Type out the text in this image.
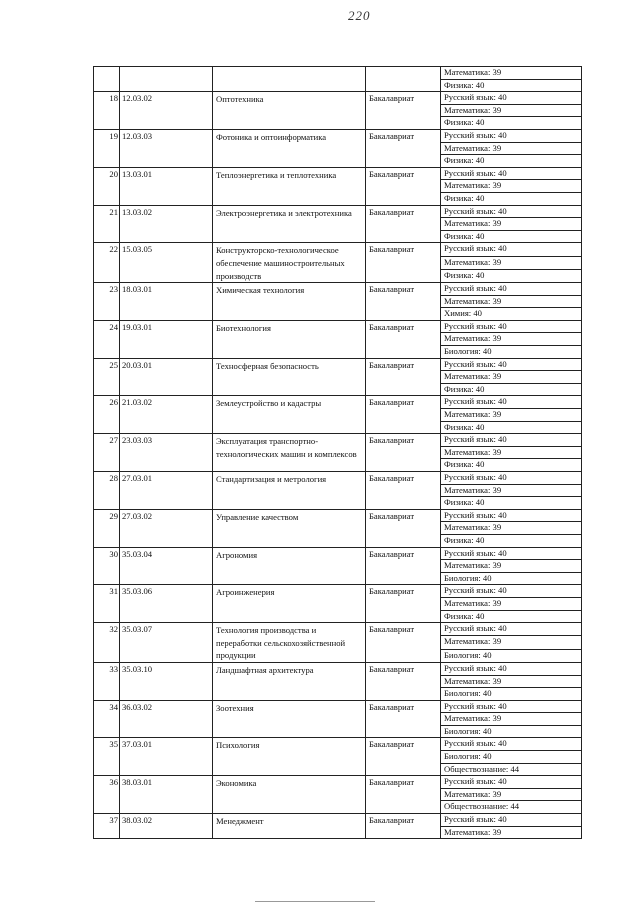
220
				Математика: 39
				Физика: 40
18	12.03.02	Оптотехника	Бакалавриат	Русский язык: 40
				Математика: 39
				Физика: 40
19	12.03.03	Фотоника и оптоинформатика	Бакалавриат	Русский язык: 40
				Математика: 39
				Физика: 40
20	13.03.01	Теплоэнергетика и теплотехника	Бакалавриат	Русский язык: 40
				Математика: 39
				Физика: 40
21	13.03.02	Электроэнергетика и электротехника	Бакалавриат	Русский язык: 40
				Математика: 39
				Физика: 40
22	15.03.05	Конструкторско-технологическое обеспечение машиностроительных производств	Бакалавриат	Русский язык: 40
				Математика: 39
				Физика: 40
23	18.03.01	Химическая технология	Бакалавриат	Русский язык: 40
				Математика: 39
				Химия: 40
24	19.03.01	Биотехнология	Бакалавриат	Русский язык: 40
				Математика: 39
				Биология: 40
25	20.03.01	Техносферная безопасность	Бакалавриат	Русский язык: 40
				Математика: 39
				Физика: 40
26	21.03.02	Землеустройство и кадастры	Бакалавриат	Русский язык: 40
				Математика: 39
				Физика: 40
27	23.03.03	Эксплуатация транспортно-технологических машин и комплексов	Бакалавриат	Русский язык: 40
				Математика: 39
				Физика: 40
28	27.03.01	Стандартизация и метрология	Бакалавриат	Русский язык: 40
				Математика: 39
				Физика: 40
29	27.03.02	Управление качеством	Бакалавриат	Русский язык: 40
				Математика: 39
				Физика: 40
30	35.03.04	Агрономия	Бакалавриат	Русский язык: 40
				Математика: 39
				Биология: 40
31	35.03.06	Агроинженерия	Бакалавриат	Русский язык: 40
				Математика: 39
				Физика: 40
32	35.03.07	Технология производства и переработки сельскохозяйственной продукции	Бакалавриат	Русский язык: 40
				Математика: 39
				Биология: 40
33	35.03.10	Ландшафтная архитектура	Бакалавриат	Русский язык: 40
				Математика: 39
				Биология: 40
34	36.03.02	Зоотехния	Бакалавриат	Русский язык: 40
				Математика: 39
				Биология: 40
35	37.03.01	Психология	Бакалавриат	Русский язык: 40
				Биология: 40
				Обществознание: 44
36	38.03.01	Экономика	Бакалавриат	Русский язык: 40
				Математика: 39
				Обществознание: 44
37	38.03.02	Менеджмент	Бакалавриат	Русский язык: 40
				Математика: 39
